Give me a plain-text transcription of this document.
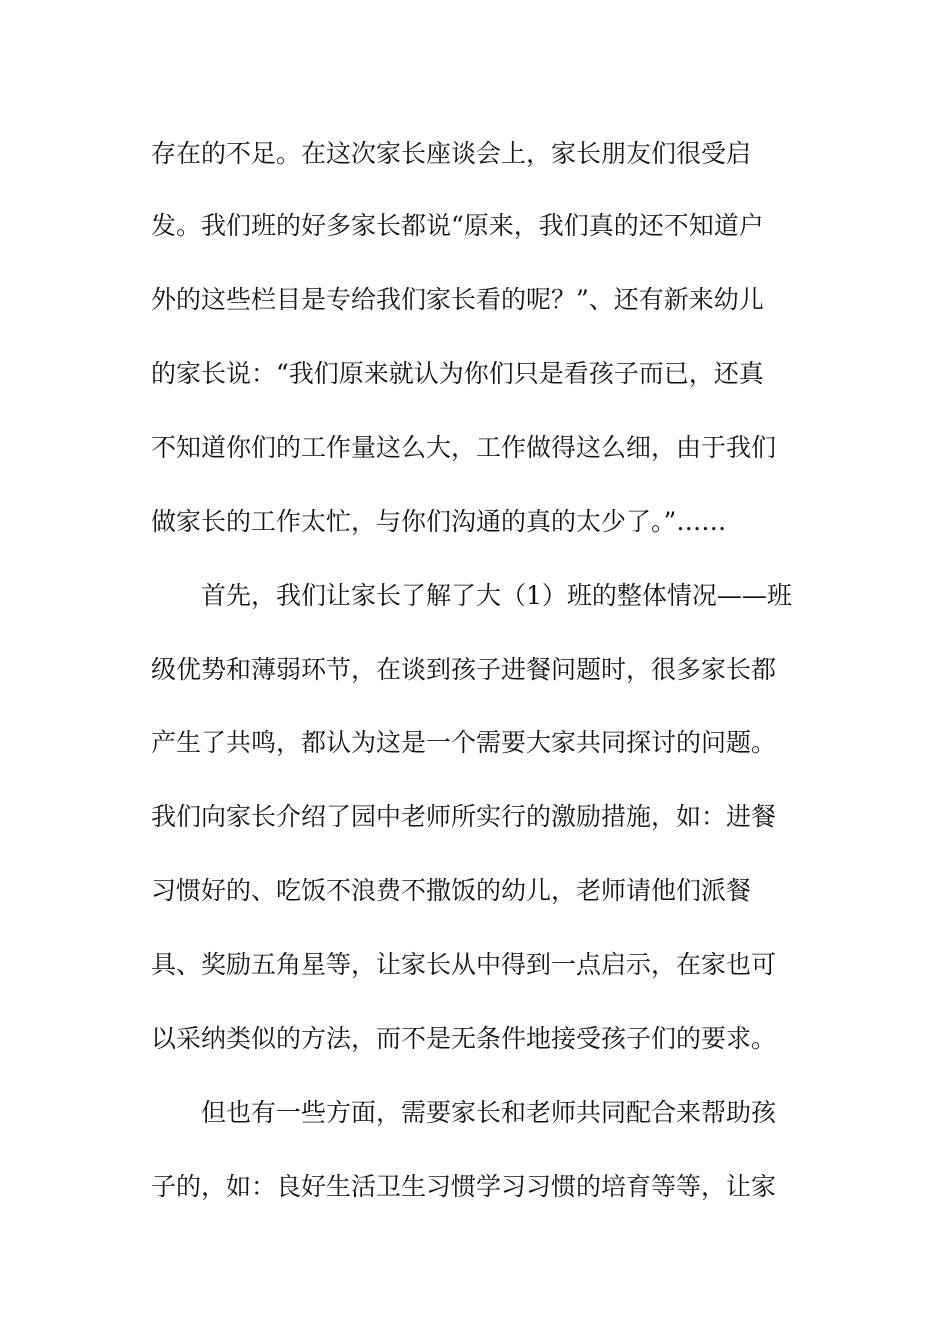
存在的不足。在这次家长座谈会上，家长朋友们很受启
发。我们班的好多家长都说“原来，我们真的还不知道户
外的这些栏目是专给我们家长看的呢？”、还有新来幼儿
的家长说：“我们原来就认为你们只是看孩子而已，还真
不知道你们的工作量这么大，工作做得这么细，由于我们
做家长的工作太忙，与你们沟通的真的太少了。”……
首先，我们让家长了解了大（1）班的整体情况——班
级优势和薄弱环节，在谈到孩子进餐问题时，很多家长都
产生了共鸣，都认为这是一个需要大家共同探讨的问题。
我们向家长介绍了园中老师所实行的激励措施，如：进餐
习惯好的、吃饭不浪费不撒饭的幼儿，老师请他们派餐
具、奖励五角星等，让家长从中得到一点启示，在家也可
以采纳类似的方法，而不是无条件地接受孩子们的要求。
但也有一些方面，需要家长和老师共同配合来帮助孩
子的，如：良好生活卫生习惯学习习惯的培育等等，让家
